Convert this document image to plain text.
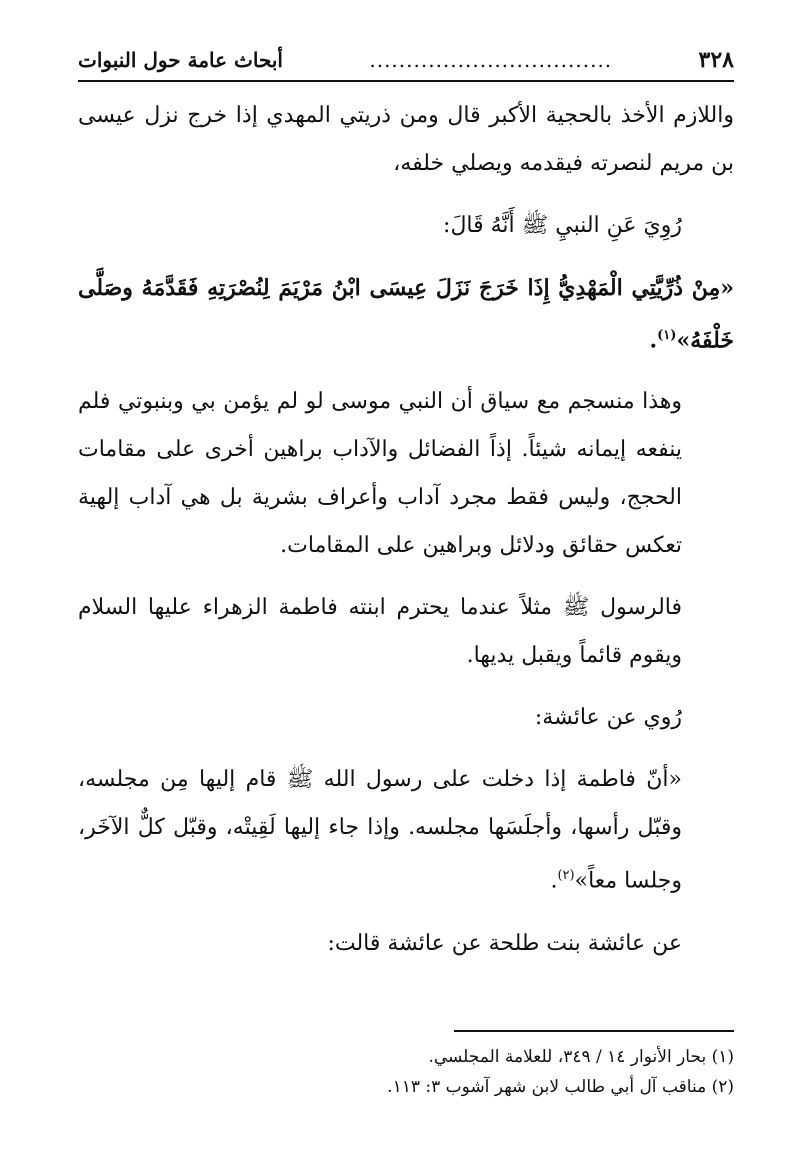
٣٢٨
.................................
أبحاث عامة حول النبوات

واللازم الأخذ بالحجية الأكبر قال ومن ذريتي المهدي إذا خرج نزل عيسى بن مريم لنصرته فيقدمه ويصلي خلفه،

رُوِيَ عَنِ النبيِ ﷺ أَنَّهُ قَالَ:

«مِنْ ذُرِّيَّتِي الْمَهْدِيُّ إِذَا خَرَجَ نَزَلَ عِيسَى ابْنُ مَرْيَمَ لِنُصْرَتِهِ فَقَدَّمَهُ وصَلَّى خَلْفَهُ»$^{(١)}$.

وهذا منسجم مع سياق أن النبي موسى لو لم يؤمن بي وبنبوتي فلم ينفعه إيمانه شيئاً. إذاً الفضائل والآداب براهين أخرى على مقامات الحجج، وليس فقط مجرد آداب وأعراف بشرية بل هي آداب إلهية تعكس حقائق ودلائل وبراهين على المقامات.

فالرسول ﷺ مثلاً عندما يحترم ابنته فاطمة الزهراء عليها السلام ويقوم قائماً ويقبل يديها.

رُوي عن عائشة:

«أنّ فاطمة إذا دخلت على رسول الله ﷺ قام إليها مِن مجلسه، وقبّل رأسها، وأجلَسَها مجلسه. وإذا جاء إليها لَقِيتْه، وقبّل كلٌّ الآخَر، وجلسا معاً»$^{(٢)}$.

عن عائشة بنت طلحة عن عائشة قالت:

(١) بحار الأنوار ١٤ / ٣٤٩، للعلامة المجلسي.

(٢) مناقب آل أبي طالب لابن شهر آشوب ٣: ١١٣.
